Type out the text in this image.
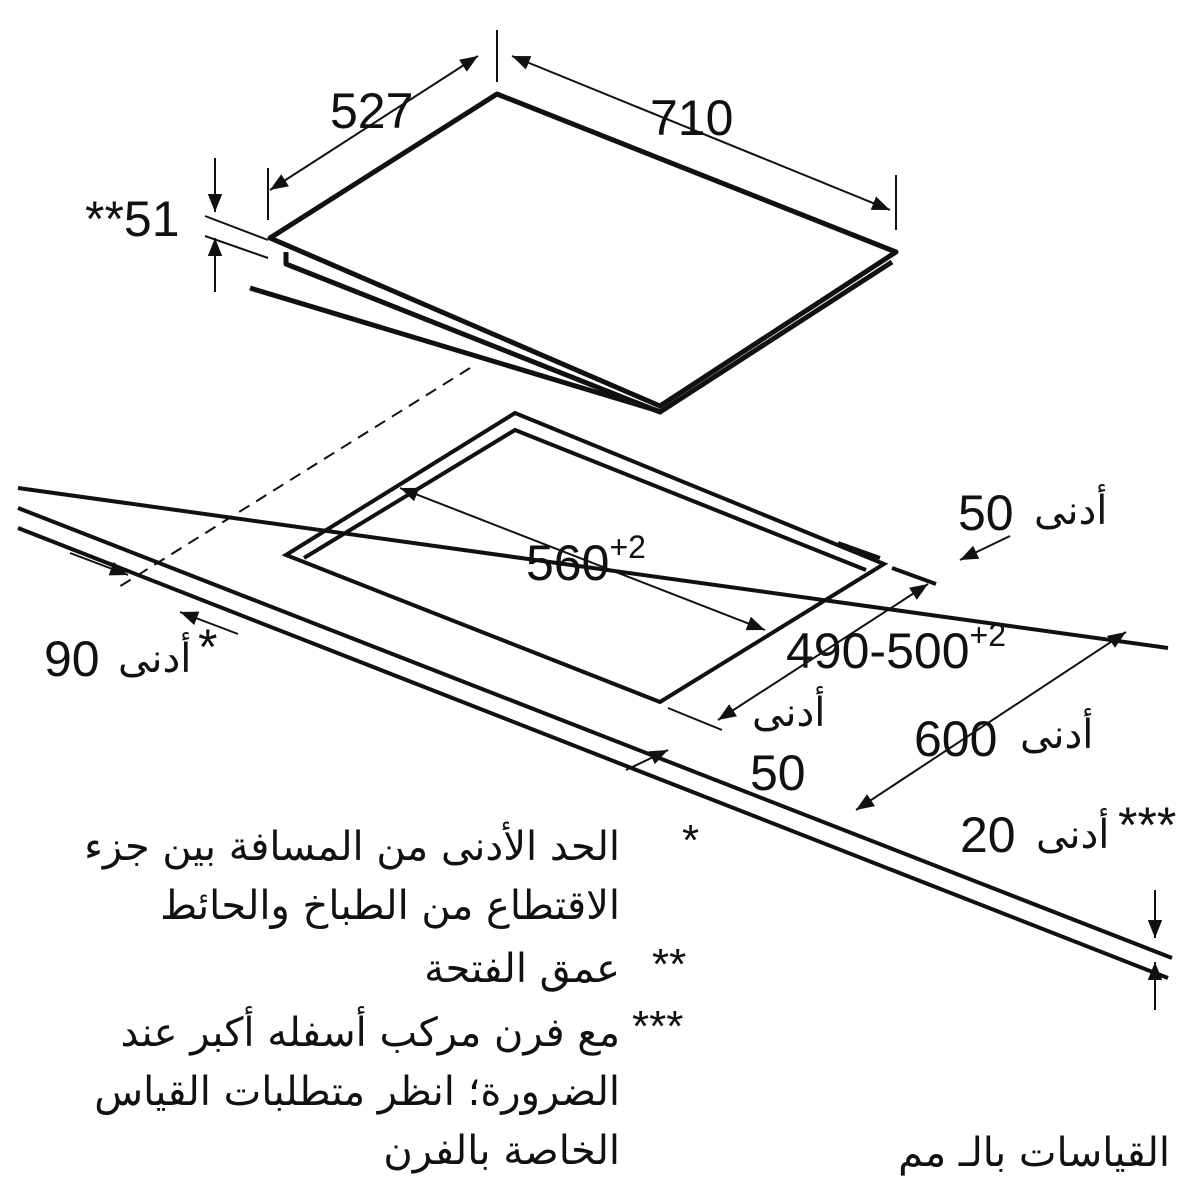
527	710
**51
$560^{+2}$
$490-500^{+2}$
50 أدنى
90 أدنى *
أدنى
50
600 أدنى
20 أدنى ***
*
الحد الأدنى من المسافة بين جزء
الاقتطاع من الطباخ والحائط
**
عمق الفتحة
***
مع فرن مركب أسفله أكبر عند
الضرورة؛ انظر متطلبات القياس
الخاصة بالفرن	القياسات بالـ مم
